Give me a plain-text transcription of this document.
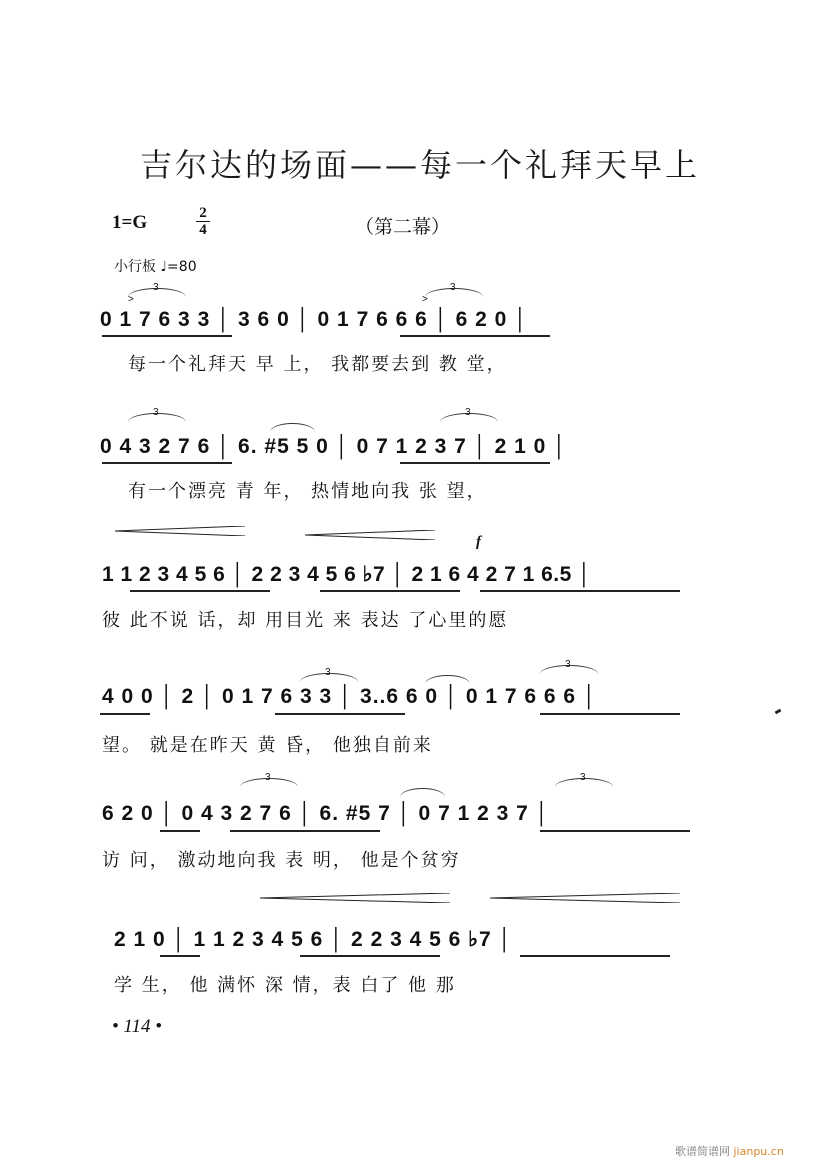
吉尔达的场面——每一个礼拜天早上
1=G	2
4	（第二幕）
小行板 ♩=80
3
>
3
>
0 1 7 6 3 3 │ 3 6 0 │ 0 1 7 6 6 6 │ 6 2 0 │
每一个礼拜天 早 上， 我都要去到 教 堂，
3	3
0 4 3 2 7 6 │ 6. #5 5 0 │ 0 7 1 2 3 7 │ 2 1 0 │
有一个漂亮 青 年， 热情地向我 张 望，
f
1 1 2 3 4 5 6 │ 2 2 3 4 5 6 ♭7 │ 2 1 6 4 2 7 1 6.5 │
彼 此不说 话，却 用目光 来 表达 了心里的愿
3
3
4 0 0 │ 2 │ 0 1 7 6 3 3 │ 3..6 6 0 │ 0 1 7 6 6 6 │
望。 就是在昨天 黄 昏， 他独自前来
3	3
6 2 0 │ 0 4 3 2 7 6 │ 6. #5 7 │ 0 7 1 2 3 7 │
访 问， 激动地向我 表 明， 他是个贫穷
2 1 0 │ 1 1 2 3 4 5 6 │ 2 2 3 4 5 6 ♭7 │
学 生， 他 满怀 深 情，表 白了 他 那
• 114 •
歌谱简谱网 jianpu.cn
